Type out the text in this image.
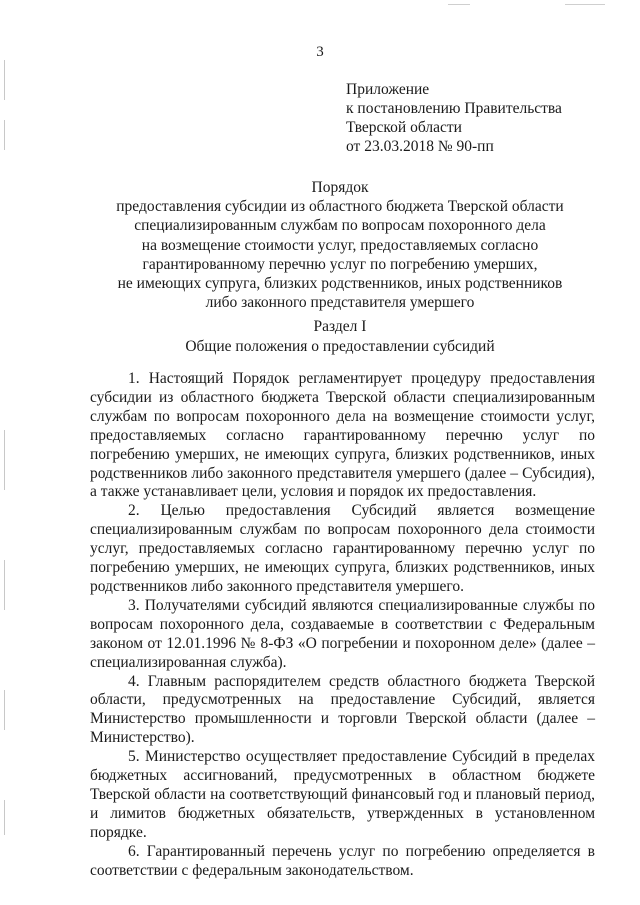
3
Приложение
к постановлению Правительства
Тверской области
от 23.03.2018 № 90-пп
Порядок
предоставления субсидии из областного бюджета Тверской области
специализированным службам по вопросам похоронного дела
на возмещение стоимости услуг, предоставляемых согласно
гарантированному перечню услуг по погребению умерших,
не имеющих супруга, близких родственников, иных родственников
либо законного представителя умершего
Раздел I
Общие положения о предоставлении субсидий

1. Настоящий Порядок регламентирует процедуру предоставления субсидии из областного бюджета Тверской области специализированным службам по вопросам похоронного дела на возмещение стоимости услуг, предоставляемых согласно гарантированному перечню услуг по погребению умерших, не имеющих супруга, близких родственников, иных родственников либо законного представителя умершего (далее – Субсидия), а также устанавливает цели, условия и порядок их предоставления.

2. Целью предоставления Субсидий является возмещение специализированным службам по вопросам похоронного дела стоимости услуг, предоставляемых согласно гарантированному перечню услуг по погребению умерших, не имеющих супруга, близких родственников, иных родственников либо законного представителя умершего.

3. Получателями субсидий являются специализированные службы по вопросам похоронного дела, создаваемые в соответствии с Федеральным законом от 12.01.1996 № 8-ФЗ «О погребении и похоронном деле» (далее – специализированная служба).

4. Главным распорядителем средств областного бюджета Тверской области, предусмотренных на предоставление Субсидий, является Министерство промышленности и торговли Тверской области (далее – Министерство).

5. Министерство осуществляет предоставление Субсидий в пределах бюджетных ассигнований, предусмотренных в областном бюджете Тверской области на соответствующий финансовый год и плановый период, и лимитов бюджетных обязательств, утвержденных в установленном порядке.

6. Гарантированный перечень услуг по погребению определяется в соответствии с федеральным законодательством.
